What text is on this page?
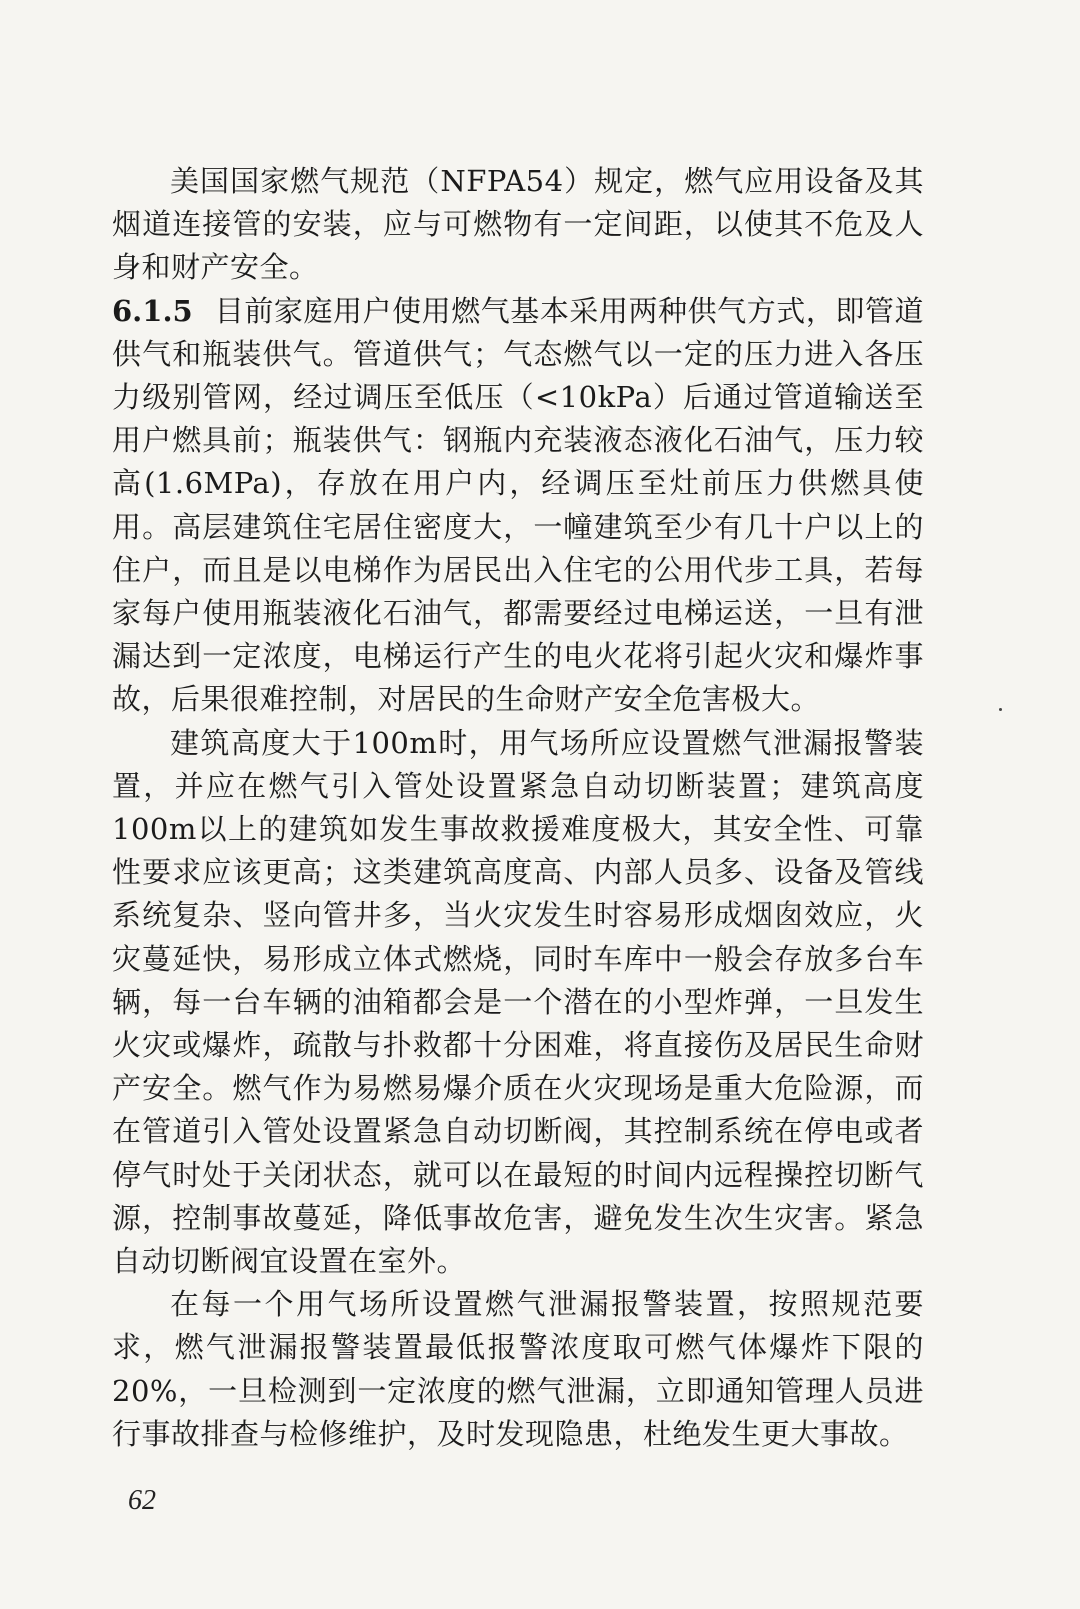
美国国家燃气规范（NFPA54）规定，燃气应用设备及其烟道连接管的安装，应与可燃物有一定间距，以使其不危及人身和财产安全。

6.1.5 目前家庭用户使用燃气基本采用两种供气方式，即管道供气和瓶装供气。管道供气；气态燃气以一定的压力进入各压力级别管网，经过调压至低压（<10kPa）后通过管道输送至用户燃具前；瓶装供气：钢瓶内充装液态液化石油气，压力较高(1.6MPa)，存放在用户内，经调压至灶前压力供燃具使用。高层建筑住宅居住密度大，一幢建筑至少有几十户以上的住户，而且是以电梯作为居民出入住宅的公用代步工具，若每家每户使用瓶装液化石油气，都需要经过电梯运送，一旦有泄漏达到一定浓度，电梯运行产生的电火花将引起火灾和爆炸事故，后果很难控制，对居民的生命财产安全危害极大。

建筑高度大于100m时，用气场所应设置燃气泄漏报警装置，并应在燃气引入管处设置紧急自动切断装置；建筑高度100m以上的建筑如发生事故救援难度极大，其安全性、可靠性要求应该更高；这类建筑高度高、内部人员多、设备及管线系统复杂、竖向管井多，当火灾发生时容易形成烟囱效应，火灾蔓延快，易形成立体式燃烧，同时车库中一般会存放多台车辆，每一台车辆的油箱都会是一个潜在的小型炸弹，一旦发生火灾或爆炸，疏散与扑救都十分困难，将直接伤及居民生命财产安全。燃气作为易燃易爆介质在火灾现场是重大危险源，而在管道引入管处设置紧急自动切断阀，其控制系统在停电或者停气时处于关闭状态，就可以在最短的时间内远程操控切断气源，控制事故蔓延，降低事故危害，避免发生次生灾害。紧急自动切断阀宜设置在室外。

在每一个用气场所设置燃气泄漏报警装置，按照规范要求，燃气泄漏报警装置最低报警浓度取可燃气体爆炸下限的20%，一旦检测到一定浓度的燃气泄漏，立即通知管理人员进行事故排查与检修维护，及时发现隐患，杜绝发生更大事故。

62
